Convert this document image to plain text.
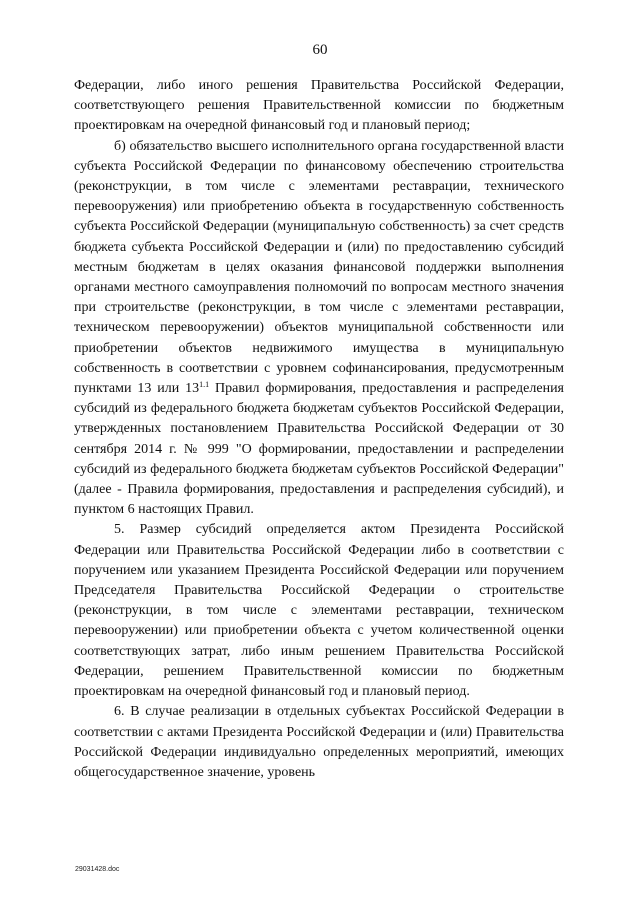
60

Федерации, либо иного решения Правительства Российской Федерации, соответствующего решения Правительственной комиссии по бюджетным проектировкам на очередной финансовый год и плановый период;

б) обязательство высшего исполнительного органа государственной власти субъекта Российской Федерации по финансовому обеспечению строительства (реконструкции, в том числе с элементами реставрации, технического перевооружения) или приобретению объекта в государственную собственность субъекта Российской Федерации (муниципальную собственность) за счет средств бюджета субъекта Российской Федерации и (или) по предоставлению субсидий местным бюджетам в целях оказания финансовой поддержки выполнения органами местного самоуправления полномочий по вопросам местного значения при строительстве (реконструкции, в том числе с элементами реставрации, техническом перевооружении) объектов муниципальной собственности или приобретении объектов недвижимого имущества в муниципальную собственность в соответствии с уровнем софинансирования, предусмотренным пунктами 13 или $13^{1.1}$ Правил формирования, предоставления и распределения субсидий из федерального бюджета бюджетам субъектов Российской Федерации, утвержденных постановлением Правительства Российской Федерации от 30 сентября 2014 г. № 999 "О формировании, предоставлении и распределении субсидий из федерального бюджета бюджетам субъектов Российской Федерации" (далее - Правила формирования, предоставления и распределения субсидий), и пунктом 6 настоящих Правил.

5. Размер субсидий определяется актом Президента Российской Федерации или Правительства Российской Федерации либо в соответствии с поручением или указанием Президента Российской Федерации или поручением Председателя Правительства Российской Федерации о строительстве (реконструкции, в том числе с элементами реставрации, техническом перевооружении) или приобретении объекта с учетом количественной оценки соответствующих затрат, либо иным решением Правительства Российской Федерации, решением Правительственной комиссии по бюджетным проектировкам на очередной финансовый год и плановый период.

6. В случае реализации в отдельных субъектах Российской Федерации в соответствии с актами Президента Российской Федерации и (или) Правительства Российской Федерации индивидуально определенных мероприятий, имеющих общегосударственное значение, уровень

29031428.doc
